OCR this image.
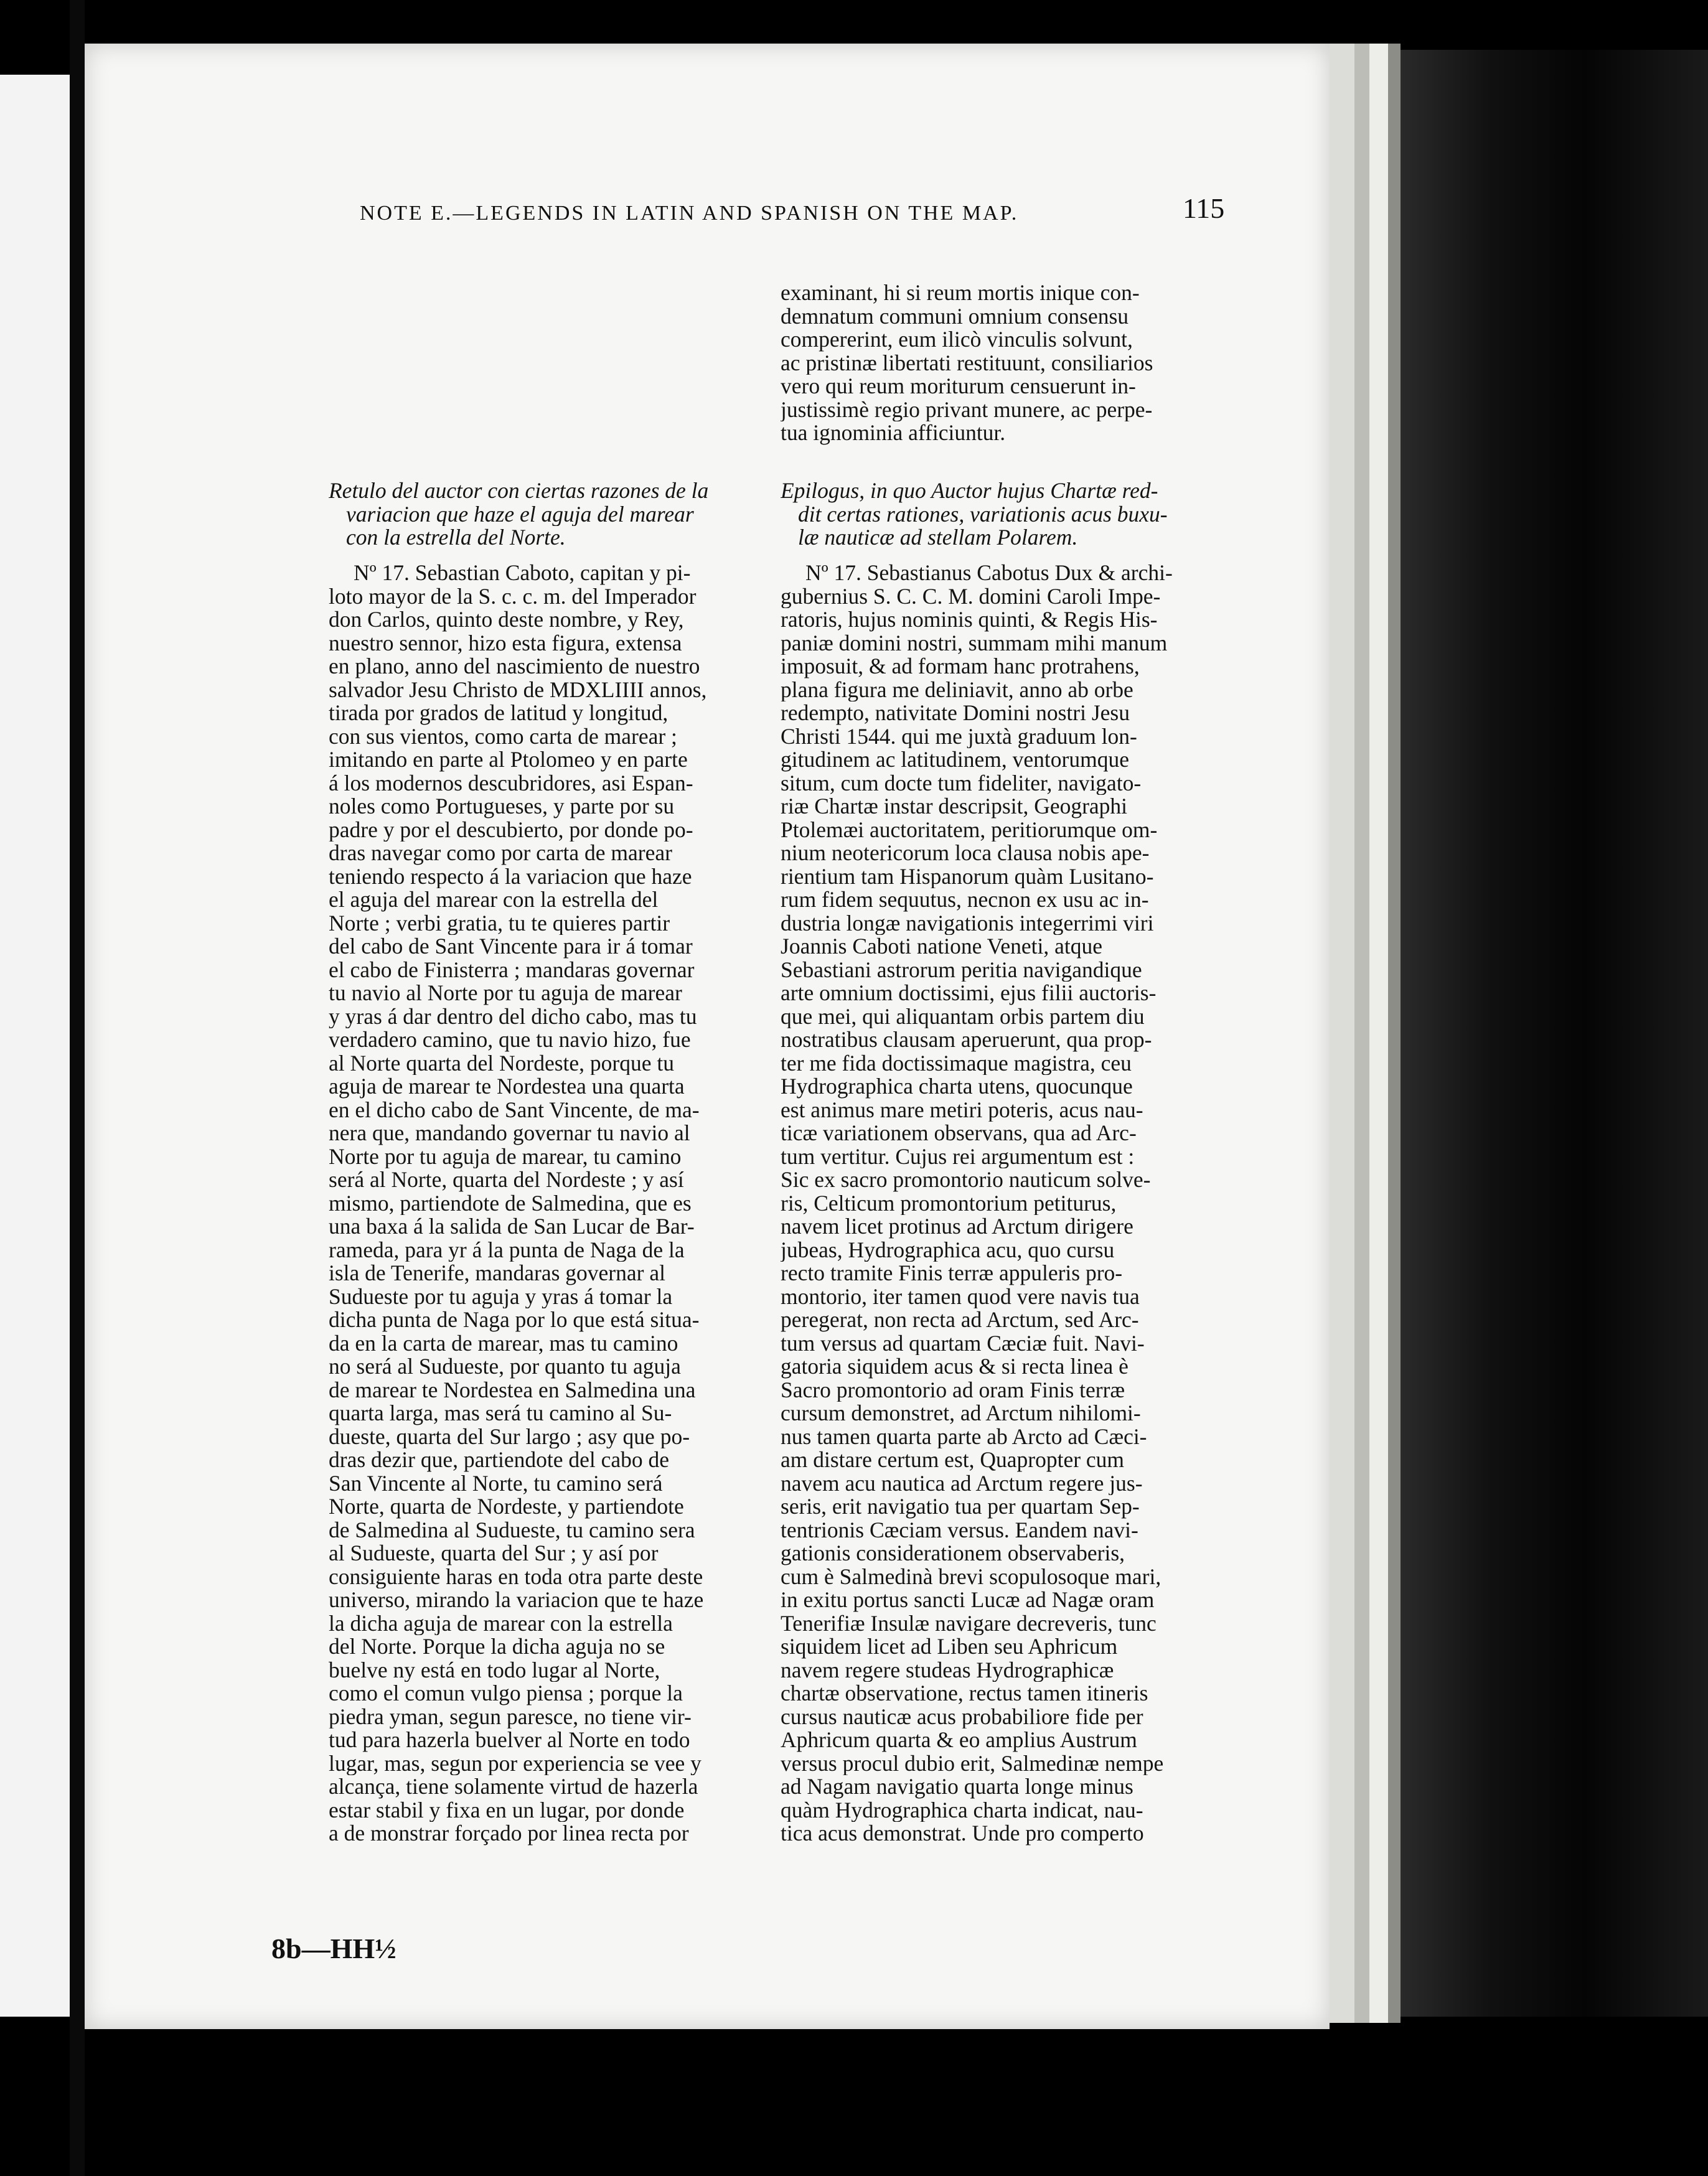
NOTE E.—LEGENDS IN LATIN AND SPANISH ON THE MAP.	115
examinant, hi si reum mortis inique con-
demnatum communi omnium consensu
compererint, eum ilicò vinculis solvunt,
ac pristinæ libertati restituunt, consiliarios
vero qui reum moriturum censuerunt in-
justissimè regio privant munere, ac perpe-
tua ignominia afficiuntur.
Retulo del auctor con ciertas razones de la
variacion que haze el aguja del marear
con la estrella del Norte.
Epilogus, in quo Auctor hujus Chartæ red-
dit certas rationes, variationis acus buxu-
læ nauticæ ad stellam Polarem.
Nº 17. Sebastian Caboto, capitan y pi-
loto mayor de la S. c. c. m. del Imperador
don Carlos, quinto deste nombre, y Rey,
nuestro sennor, hizo esta figura, extensa
en plano, anno del nascimiento de nuestro
salvador Jesu Christo de MDXLIIII annos,
tirada por grados de latitud y longitud,
con sus vientos, como carta de marear ;
imitando en parte al Ptolomeo y en parte
á los modernos descubridores, asi Espan-
noles como Portugueses, y parte por su
padre y por el descubierto, por donde po-
dras navegar como por carta de marear
teniendo respecto á la variacion que haze
el aguja del marear con la estrella del
Norte ; verbi gratia, tu te quieres partir
del cabo de Sant Vincente para ir á tomar
el cabo de Finisterra ; mandaras governar
tu navio al Norte por tu aguja de marear
y yras á dar dentro del dicho cabo, mas tu
verdadero camino, que tu navio hizo, fue
al Norte quarta del Nordeste, porque tu
aguja de marear te Nordestea una quarta
en el dicho cabo de Sant Vincente, de ma-
nera que, mandando governar tu navio al
Norte por tu aguja de marear, tu camino
será al Norte, quarta del Nordeste ; y así
mismo, partiendote de Salmedina, que es
una baxa á la salida de San Lucar de Bar-
rameda, para yr á la punta de Naga de la
isla de Tenerife, mandaras governar al
Sudueste por tu aguja y yras á tomar la
dicha punta de Naga por lo que está situa-
da en la carta de marear, mas tu camino
no será al Sudueste, por quanto tu aguja
de marear te Nordestea en Salmedina una
quarta larga, mas será tu camino al Su-
dueste, quarta del Sur largo ; asy que po-
dras dezir que, partiendote del cabo de
San Vincente al Norte, tu camino será
Norte, quarta de Nordeste, y partiendote
de Salmedina al Sudueste, tu camino sera
al Sudueste, quarta del Sur ; y así por
consiguiente haras en toda otra parte deste
universo, mirando la variacion que te haze
la dicha aguja de marear con la estrella
del Norte. Porque la dicha aguja no se
buelve ny está en todo lugar al Norte,
como el comun vulgo piensa ; porque la
piedra yman, segun paresce, no tiene vir-
tud para hazerla buelver al Norte en todo
lugar, mas, segun por experiencia se vee y
alcança, tiene solamente virtud de hazerla
estar stabil y fixa en un lugar, por donde
a de monstrar forçado por linea recta por
Nº 17. Sebastianus Cabotus Dux & archi-
gubernius S. C. C. M. domini Caroli Impe-
ratoris, hujus nominis quinti, & Regis His-
paniæ domini nostri, summam mihi manum
imposuit, & ad formam hanc protrahens,
plana figura me deliniavit, anno ab orbe
redempto, nativitate Domini nostri Jesu
Christi 1544. qui me juxtà graduum lon-
gitudinem ac latitudinem, ventorumque
situm, cum docte tum fideliter, navigato-
riæ Chartæ instar descripsit, Geographi
Ptolemæi auctoritatem, peritiorumque om-
nium neotericorum loca clausa nobis ape-
rientium tam Hispanorum quàm Lusitano-
rum fidem sequutus, necnon ex usu ac in-
dustria longæ navigationis integerrimi viri
Joannis Caboti natione Veneti, atque
Sebastiani astrorum peritia navigandique
arte omnium doctissimi, ejus filii auctoris-
que mei, qui aliquantam orbis partem diu
nostratibus clausam aperuerunt, qua prop-
ter me fida doctissimaque magistra, ceu
Hydrographica charta utens, quocunque
est animus mare metiri poteris, acus nau-
ticæ variationem observans, qua ad Arc-
tum vertitur. Cujus rei argumentum est :
Sic ex sacro promontorio nauticum solve-
ris, Celticum promontorium petiturus,
navem licet protinus ad Arctum dirigere
jubeas, Hydrographica acu, quo cursu
recto tramite Finis terræ appuleris pro-
montorio, iter tamen quod vere navis tua
peregerat, non recta ad Arctum, sed Arc-
tum versus ad quartam Cæciæ fuit. Navi-
gatoria siquidem acus & si recta linea è
Sacro promontorio ad oram Finis terræ
cursum demonstret, ad Arctum nihilomi-
nus tamen quarta parte ab Arcto ad Cæci-
am distare certum est, Quapropter cum
navem acu nautica ad Arctum regere jus-
seris, erit navigatio tua per quartam Sep-
tentrionis Cæciam versus. Eandem navi-
gationis considerationem observaberis,
cum è Salmedinà brevi scopulosoque mari,
in exitu portus sancti Lucæ ad Nagæ oram
Tenerifiæ Insulæ navigare decreveris, tunc
siquidem licet ad Liben seu Aphricum
navem regere studeas Hydrographicæ
chartæ observatione, rectus tamen itineris
cursus nauticæ acus probabiliore fide per
Aphricum quarta & eo amplius Austrum
versus procul dubio erit, Salmedinæ nempe
ad Nagam navigatio quarta longe minus
quàm Hydrographica charta indicat, nau-
tica acus demonstrat. Unde pro comperto
8b—HH½
